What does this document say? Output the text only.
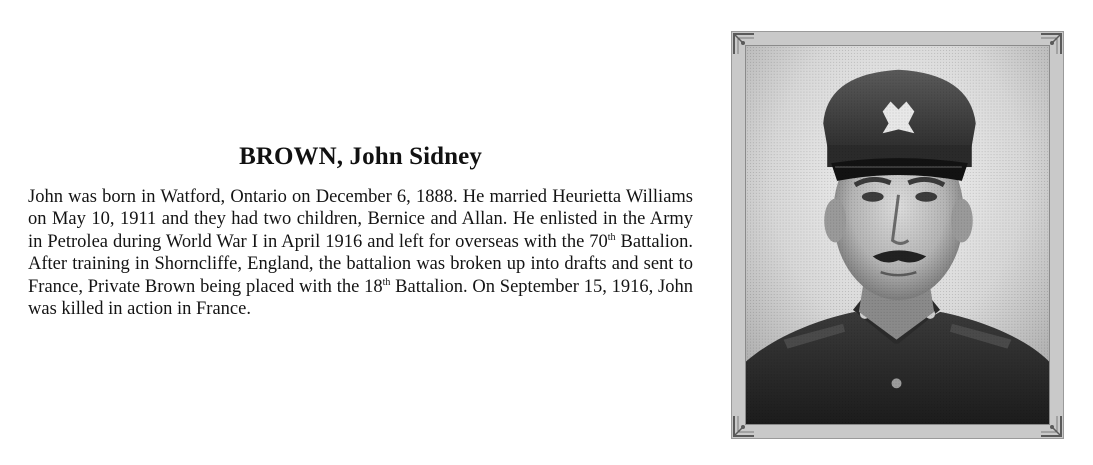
BROWN, John Sidney

John was born in Watford, Ontario on December 6, 1888. He married Heurietta Williams on May 10, 1911 and they had two children, Bernice and Allan. He enlisted in the Army in Petrolea during World War I in April 1916 and left for overseas with the 70th Battalion. After training in Shorncliffe, England, the battalion was broken up into drafts and sent to France, Private Brown being placed with the 18th Battalion. On September 15, 1916, John was killed in action in France.
